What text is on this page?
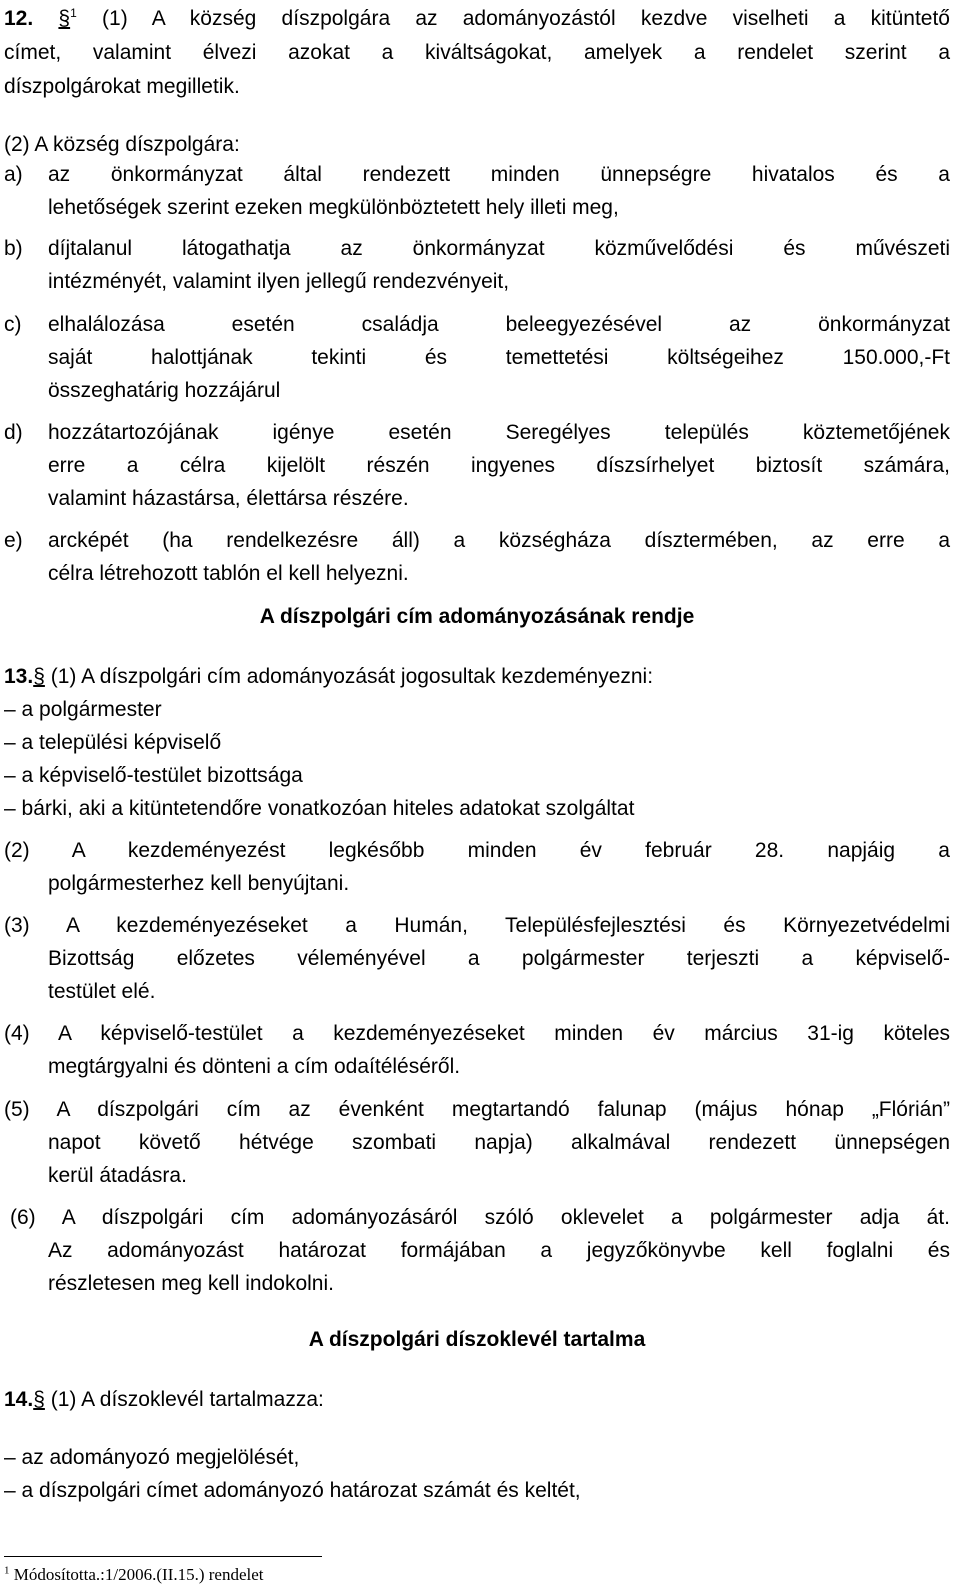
12. §$^1$ (1) A község díszpolgára az adományozástól kezdve viselheti a kitüntető
címet, valamint élvezi azokat a kiváltságokat, amelyek a rendelet szerint a
díszpolgárokat megilletik.
(2) A község díszpolgára:
a) az önkormányzat által rendezett minden ünnepségre hivatalos és a
lehetőségek szerint ezeken megkülönböztetett hely illeti meg,
b) díjtalanul látogathatja az önkormányzat közművelődési és művészeti
intézményét, valamint ilyen jellegű rendezvényeit,
c) elhalálozása esetén családja beleegyezésével az önkormányzat
saját halottjának tekinti és temettetési költségeihez 150.000,-Ft
összeghatárig hozzájárul
d) hozzátartozójának igénye esetén Seregélyes település köztemetőjének
erre a célra kijelölt részén ingyenes díszsírhelyet biztosít számára,
valamint házastársa, élettársa részére.
e) arcképét (ha rendelkezésre áll) a községháza dísztermében, az erre a
célra létrehozott tablón el kell helyezni.
A díszpolgári cím adományozásának rendje
13.§ (1) A díszpolgári cím adományozását jogosultak kezdeményezni:
– a polgármester
– a települési képviselő
– a képviselő-testület bizottsága
– bárki, aki a kitüntetendőre vonatkozóan hiteles adatokat szolgáltat
(2) A kezdeményezést legkésőbb minden év február 28. napjáig a
polgármesterhez kell benyújtani.
(3) A kezdeményezéseket a Humán, Településfejlesztési és Környezetvédelmi
Bizottság előzetes véleményével a polgármester terjeszti a képviselő-
testület elé.
(4) A képviselő-testület a kezdeményezéseket minden év március 31-ig köteles
megtárgyalni és dönteni a cím odaítéléséről.
(5) A díszpolgári cím az évenként megtartandó falunap (május hónap „Flórián”
napot követő hétvége szombati napja) alkalmával rendezett ünnepségen
kerül átadásra.
(6) A díszpolgári cím adományozásáról szóló oklevelet a polgármester adja át.
Az adományozást határozat formájában a jegyzőkönyvbe kell foglalni és
részletesen meg kell indokolni.
A díszpolgári díszoklevél tartalma
14.§ (1) A díszoklevél tartalmazza:
– az adományozó megjelölését,
– a díszpolgári címet adományozó határozat számát és keltét,
$^1$ Módosította.:1/2006.(II.15.) rendelet
